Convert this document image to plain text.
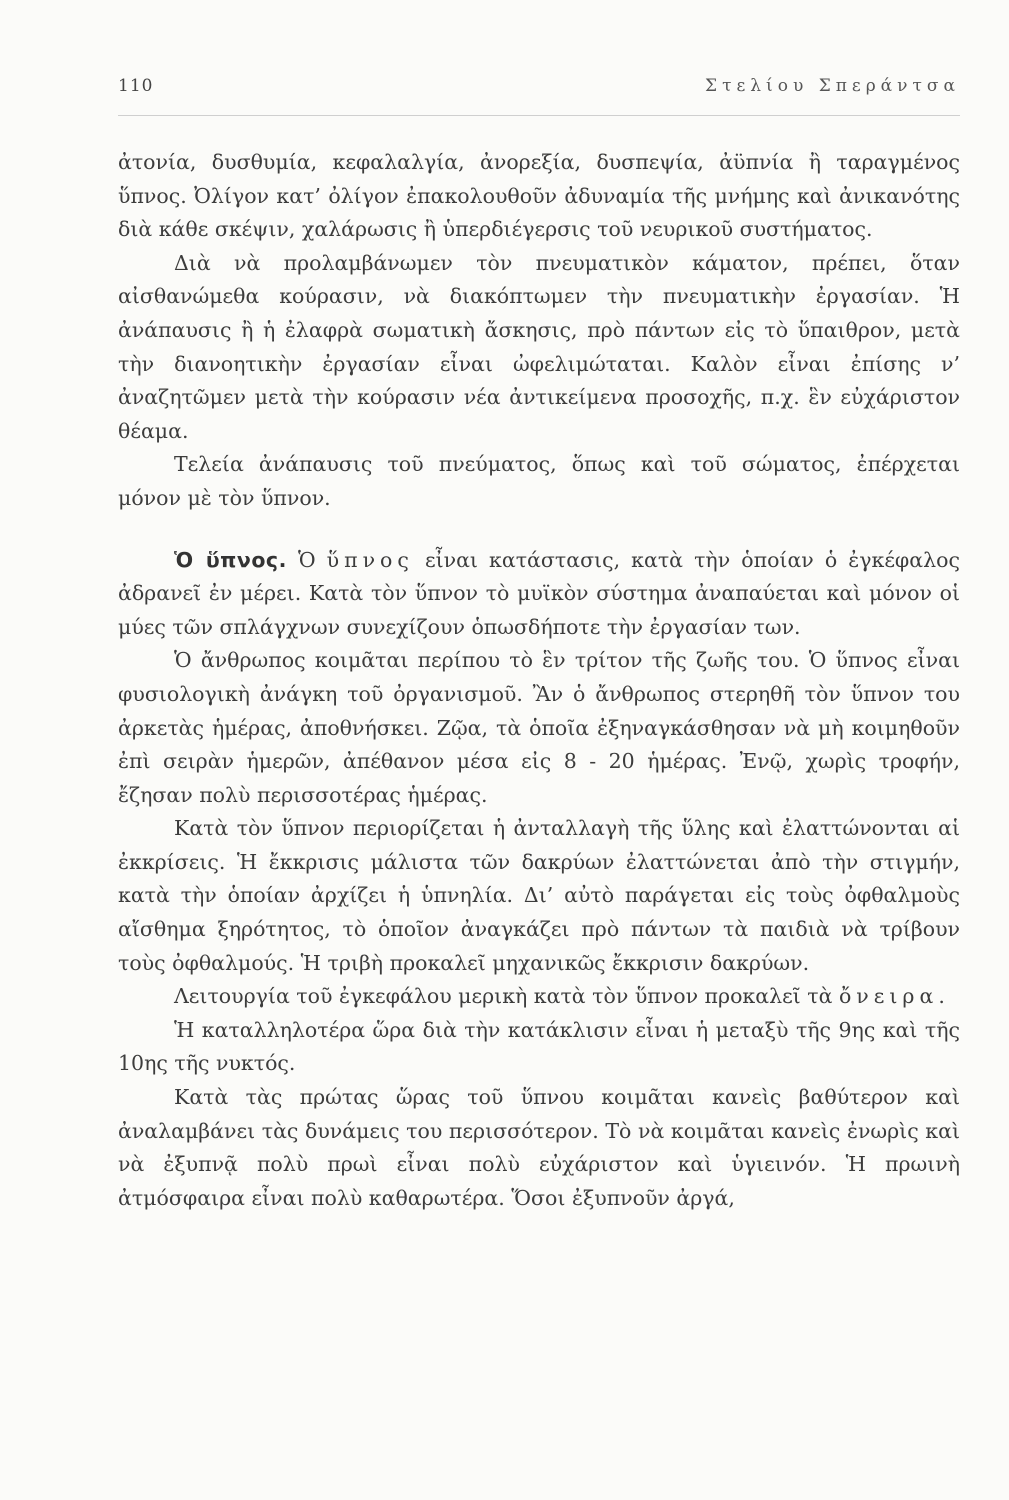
110	Στελίου Σπεράντσα

ἀτονία, δυσθυμία, κεφαλαλγία, ἀνορεξία, δυσπεψία, ἀϋπνία ἢ ταραγμένος ὕπνος. Ὀλίγον κατ’ ὀλίγον ἐπακολουθοῦν ἀδυναμία τῆς μνήμης καὶ ἀνικανότης διὰ κάθε σκέψιν, χαλάρωσις ἢ ὑπερδιέγερσις τοῦ νευρικοῦ συστήματος.

Διὰ νὰ προλαμβάνωμεν τὸν πνευματικὸν κάματον, πρέπει, ὅταν αἰσθανώμεθα κούρασιν, νὰ διακόπτωμεν τὴν πνευματικὴν ἐργασίαν. Ἡ ἀνάπαυσις ἢ ἡ ἐλαφρὰ σωματικὴ ἄσκησις, πρὸ πάντων εἰς τὸ ὕπαιθρον, μετὰ τὴν διανοητικὴν ἐργασίαν εἶναι ὠφελιμώταται. Καλὸν εἶναι ἐπίσης ν’ ἀναζητῶμεν μετὰ τὴν κούρασιν νέα ἀντικείμενα προσοχῆς, π.χ. ἓν εὐχάριστον θέαμα.

Τελεία ἀνάπαυσις τοῦ πνεύματος, ὅπως καὶ τοῦ σώματος, ἐπέρχεται μόνον μὲ τὸν ὕπνον.

Ὁ ὕπνος. Ὁ ὕπνος εἶναι κατάστασις, κατὰ τὴν ὁποίαν ὁ ἐγκέφαλος ἀδρανεῖ ἐν μέρει. Κατὰ τὸν ὕπνον τὸ μυϊκὸν σύστημα ἀναπαύεται καὶ μόνον οἱ μύες τῶν σπλάγχνων συνεχίζουν ὁπωσδήποτε τὴν ἐργασίαν των.

Ὁ ἄνθρωπος κοιμᾶται περίπου τὸ ἓν τρίτον τῆς ζωῆς του. Ὁ ὕπνος εἶναι φυσιολογικὴ ἀνάγκη τοῦ ὀργανισμοῦ. Ἂν ὁ ἄνθρωπος στερηθῆ τὸν ὕπνον του ἀρκετὰς ἡμέρας, ἀποθνήσκει. Ζῷα, τὰ ὁποῖα ἐξηναγκάσθησαν νὰ μὴ κοιμηθοῦν ἐπὶ σειρὰν ἡμερῶν, ἀπέθανον μέσα εἰς 8 - 20 ἡμέρας. Ἐνῷ, χωρὶς τροφήν, ἔζησαν πολὺ περισσοτέρας ἡμέρας.

Κατὰ τὸν ὕπνον περιορίζεται ἡ ἀνταλλαγὴ τῆς ὕλης καὶ ἐλαττώνονται αἱ ἐκκρίσεις. Ἡ ἔκκρισις μάλιστα τῶν δακρύων ἐλαττώνεται ἀπὸ τὴν στιγμήν, κατὰ τὴν ὁποίαν ἀρχίζει ἡ ὑπνηλία. Δι’ αὐτὸ παράγεται εἰς τοὺς ὀφθαλμοὺς αἴσθημα ξηρότητος, τὸ ὁποῖον ἀναγκάζει πρὸ πάντων τὰ παιδιὰ νὰ τρίβουν τοὺς ὀφθαλμούς. Ἡ τριβὴ προκαλεῖ μηχανικῶς ἔκκρισιν δακρύων.

Λειτουργία τοῦ ἐγκεφάλου μερικὴ κατὰ τὸν ὕπνον προκαλεῖ τὰ ὄνειρα.

Ἡ καταλληλοτέρα ὥρα διὰ τὴν κατάκλισιν εἶναι ἡ μεταξὺ τῆς 9ης καὶ τῆς 10ης τῆς νυκτός.

Κατὰ τὰς πρώτας ὥρας τοῦ ὕπνου κοιμᾶται κανεὶς βαθύτερον καὶ ἀναλαμβάνει τὰς δυνάμεις του περισσότερον. Τὸ νὰ κοιμᾶται κανεὶς ἐνωρὶς καὶ νὰ ἐξυπνᾷ πολὺ πρωὶ εἶναι πολὺ εὐχάριστον καὶ ὑγιεινόν. Ἡ πρωινὴ ἀτμόσφαιρα εἶναι πολὺ καθαρωτέρα. Ὅσοι ἐξυπνοῦν ἀργά,
